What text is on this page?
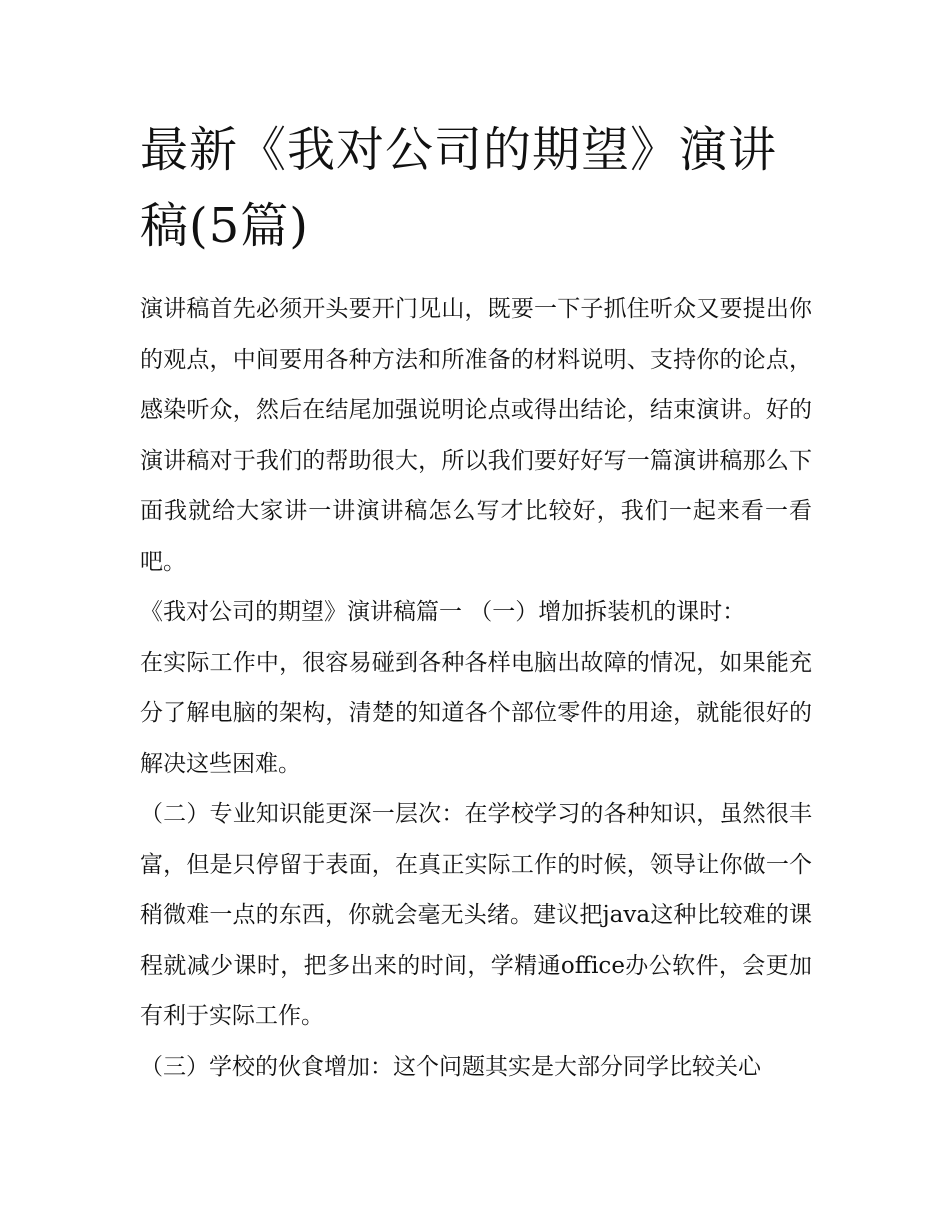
最新《我对公司的期望》演讲稿(5篇)

演讲稿首先必须开头要开门见山，既要一下子抓住听众又要提出你的观点，中间要用各种方法和所准备的材料说明、支持你的论点，感染听众，然后在结尾加强说明论点或得出结论，结束演讲。好的演讲稿对于我们的帮助很大，所以我们要好好写一篇演讲稿那么下面我就给大家讲一讲演讲稿怎么写才比较好，我们一起来看一看吧。

《我对公司的期望》演讲稿篇一 （一）增加拆装机的课时：

在实际工作中，很容易碰到各种各样电脑出故障的情况，如果能充分了解电脑的架构，清楚的知道各个部位零件的用途，就能很好的解决这些困难。

（二）专业知识能更深一层次：在学校学习的各种知识，虽然很丰富，但是只停留于表面，在真正实际工作的时候，领导让你做一个稍微难一点的东西，你就会毫无头绪。建议把java这种比较难的课程就减少课时，把多出来的时间，学精通office办公软件，会更加有利于实际工作。

（三）学校的伙食增加：这个问题其实是大部分同学比较关心
